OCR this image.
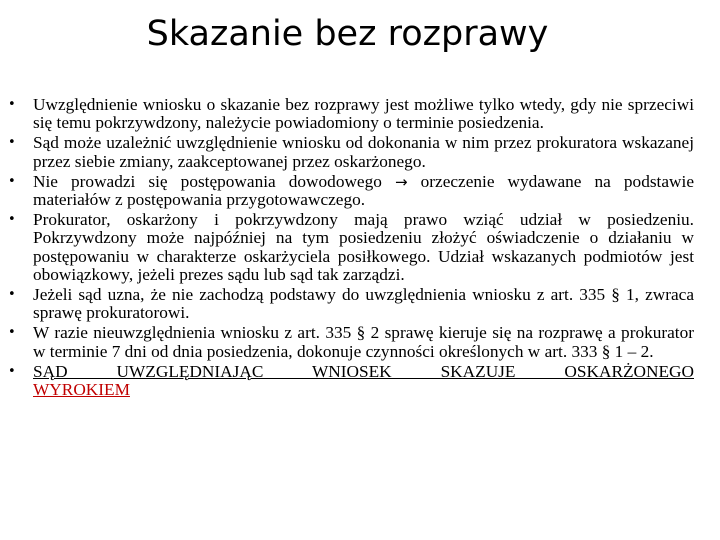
Skazanie bez rozprawy
•	Uwzględnienie wniosku o skazanie bez rozprawy jest możliwe tylko wtedy, gdy nie sprzeciwi się temu pokrzywdzony, należycie powiadomiony o terminie posiedzenia.
•	Sąd może uzależnić uwzględnienie wniosku od dokonania w nim przez prokuratora wskazanej przez siebie zmiany, zaakceptowanej przez oskarżonego.
•	Nie prowadzi się postępowania dowodowego → orzeczenie wydawane na podstawie materiałów z postępowania przygotowawczego.
•	Prokurator, oskarżony i pokrzywdzony mają prawo wziąć udział w posiedzeniu. Pokrzywdzony może najpóźniej na tym posiedzeniu złożyć oświadczenie o działaniu w postępowaniu w charakterze oskarżyciela posiłkowego. Udział wskazanych podmiotów jest obowiązkowy, jeżeli prezes sądu lub sąd tak zarządzi.
•	Jeżeli sąd uzna, że nie zachodzą podstawy do uwzględnienia wniosku z art. 335 § 1, zwraca sprawę prokuratorowi.
•	W razie nieuwzględnienia wniosku z art. 335 § 2 sprawę kieruje się na rozprawę a prokurator w terminie 7 dni od dnia posiedzenia, dokonuje czynności określonych w art. 333 § 1 – 2.
•	SĄD UWZGLĘDNIAJĄC WNIOSEK SKAZUJE OSKARŻONEGO
WYROKIEM
